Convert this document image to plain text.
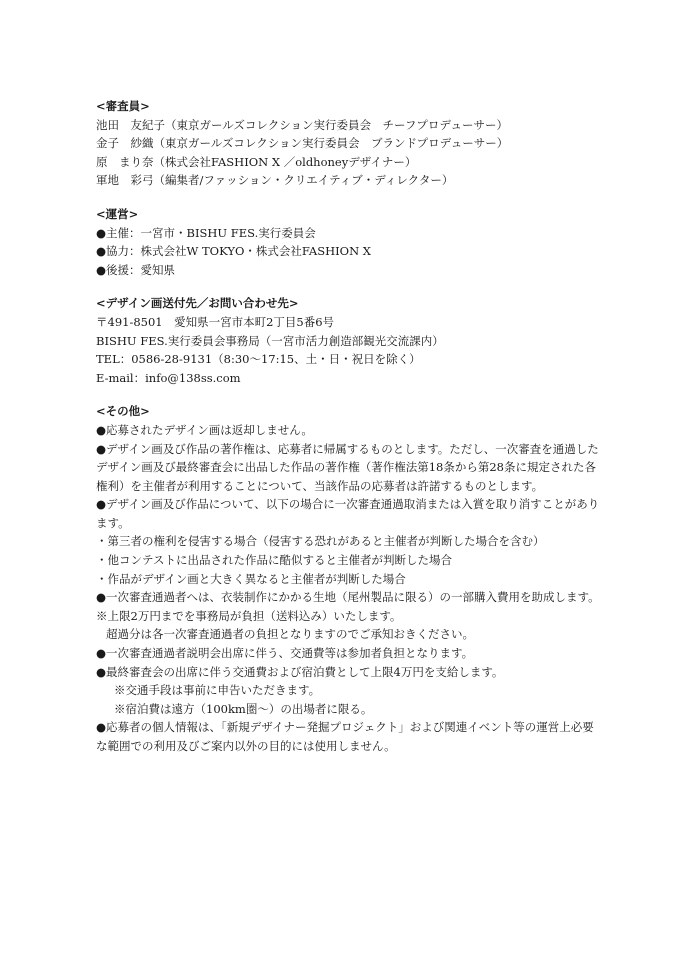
<審査員>
池田　友紀子（東京ガールズコレクション実行委員会　チーフプロデューサー）
金子　紗織（東京ガールズコレクション実行委員会　ブランドプロデューサー）
原　まり奈（株式会社FASHION X ／oldhoneyデザイナー）
軍地　彩弓（編集者/ファッション・クリエイティブ・ディレクター）
<運営>
●主催：一宮市・BISHU FES.実行委員会
●協力：株式会社W TOKYO・株式会社FASHION X
●後援：愛知県
<デザイン画送付先／お問い合わせ先>
〒491-8501　愛知県一宮市本町2丁目5番6号
BISHU FES.実行委員会事務局（一宮市活力創造部観光交流課内）
TEL：0586-28-9131（8:30～17:15、土・日・祝日を除く）
E-mail：info@138ss.com
<その他>
●応募されたデザイン画は返却しません。
●デザイン画及び作品の著作権は、応募者に帰属するものとします。ただし、一次審査を通過したデザイン画及び最終審査会に出品した作品の著作権（著作権法第18条から第28条に規定された各権利）を主催者が利用することについて、当該作品の応募者は許諾するものとします。
●デザイン画及び作品について、以下の場合に一次審査通過取消または入賞を取り消すことがあります。
・第三者の権利を侵害する場合（侵害する恐れがあると主催者が判断した場合を含む）
・他コンテストに出品された作品に酷似すると主催者が判断した場合
・作品がデザイン画と大きく異なると主催者が判断した場合
●一次審査通過者へは、衣装制作にかかる生地（尾州製品に限る）の一部購入費用を助成します。
※上限2万円までを事務局が負担（送料込み）いたします。
超過分は各一次審査通過者の負担となりますのでご承知おきください。
●一次審査通過者説明会出席に伴う、交通費等は参加者負担となります。
●最終審査会の出席に伴う交通費および宿泊費として上限4万円を支給します。
※交通手段は事前に申告いただきます。
※宿泊費は遠方（100km圏～）の出場者に限る。
●応募者の個人情報は、「新規デザイナー発掘プロジェクト」および関連イベント等の運営上必要な範囲での利用及びご案内以外の目的には使用しません。
